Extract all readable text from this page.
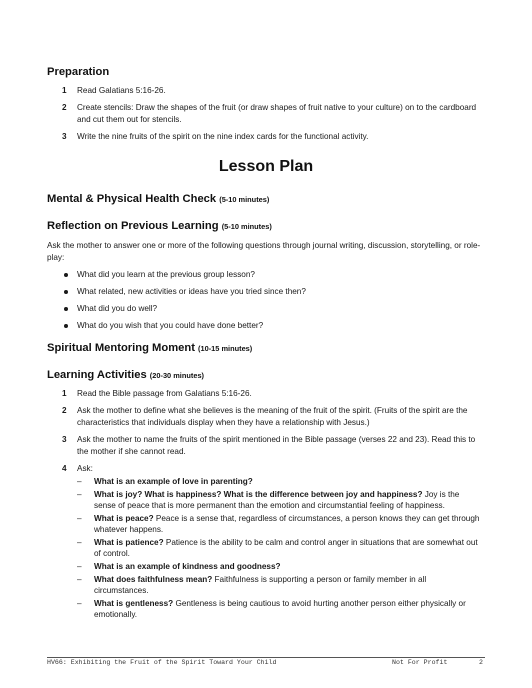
Preparation
1 Read Galatians 5:16-26.
2 Create stencils: Draw the shapes of the fruit (or draw shapes of fruit native to your culture) on to the cardboard and cut them out for stencils.
3 Write the nine fruits of the spirit on the nine index cards for the functional activity.
Lesson Plan
Mental & Physical Health Check (5-10 minutes)
Reflection on Previous Learning (5-10 minutes)
Ask the mother to answer one or more of the following questions through journal writing, discussion, storytelling, or role-play:
What did you learn at the previous group lesson?
What related, new activities or ideas have you tried since then?
What did you do well?
What do you wish that you could have done better?
Spiritual Mentoring Moment (10-15 minutes)
Learning Activities (20-30 minutes)
1 Read the Bible passage from Galatians 5:16-26.
2 Ask the mother to define what she believes is the meaning of the fruit of the spirit. (Fruits of the spirit are the characteristics that individuals display when they have a relationship with Jesus.)
3 Ask the mother to name the fruits of the spirit mentioned in the Bible passage (verses 22 and 23). Read this to the mother if she cannot read.
4 Ask:
– What is an example of love in parenting?
– What is joy? What is happiness? What is the difference between joy and happiness? Joy is the sense of peace that is more permanent than the emotion and circumstantial feeling of happiness.
– What is peace? Peace is a sense that, regardless of circumstances, a person knows they can get through whatever happens.
– What is patience? Patience is the ability to be calm and control anger in situations that are somewhat out of control.
– What is an example of kindness and goodness?
– What does faithfulness mean? Faithfulness is supporting a person or family member in all circumstances.
– What is gentleness? Gentleness is being cautious to avoid hurting another person either physically or emotionally.
HV66: Exhibiting the Fruit of the Spirit Toward Your Child	Not For Profit	2
